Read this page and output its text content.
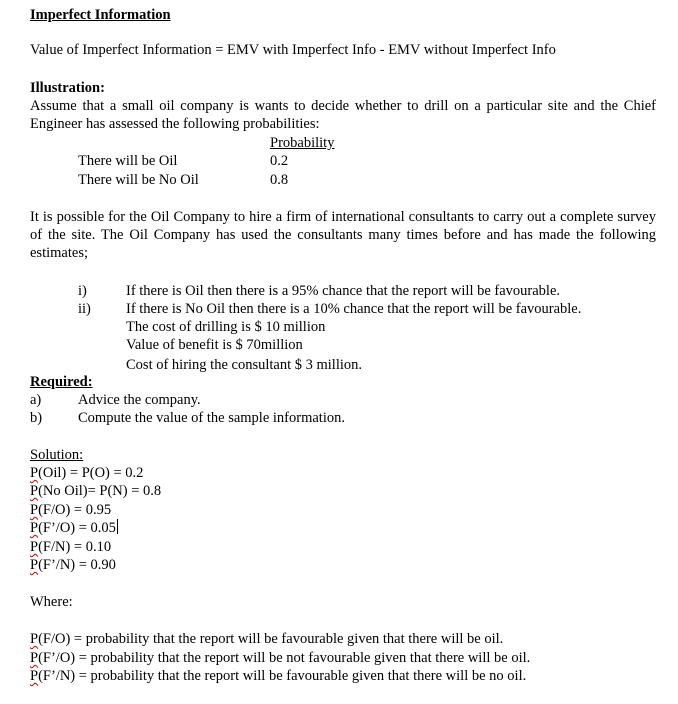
Imperfect Information
Value of Imperfect Information = EMV with Imperfect Info - EMV without Imperfect Info
Illustration:
Assume that a small oil company is wants to decide whether to drill on a particular site and the Chief Engineer has assessed the following probabilities:
Probability
There will be Oil	0.2
There will be No Oil	0.8
It is possible for the Oil Company to hire a firm of international consultants to carry out a complete survey of the site. The Oil Company has used the consultants many times before and has made the following estimates;
i)	If there is Oil then there is a 95% chance that the report will be favourable.
ii) If there is No Oil then there is a 10% chance that the report will be favourable.
The cost of drilling is $ 10 million
Value of benefit is $ 70million
Cost of hiring the consultant $ 3 million.
Required:
a)	Advice the company.
b) Compute the value of the sample information.
Solution:
P(Oil) = P(O) = 0.2
P(No Oil)= P(N) = 0.8
P(F/O) = 0.95
P(F’/O) = 0.05
P(F/N) = 0.10
P(F’/N) = 0.90
Where:
P(F/O) = probability that the report will be favourable given that there will be oil.
P(F’/O) = probability that the report will be not favourable given that there will be oil.
P(F’/N) = probability that the report will be favourable given that there will be no oil.
